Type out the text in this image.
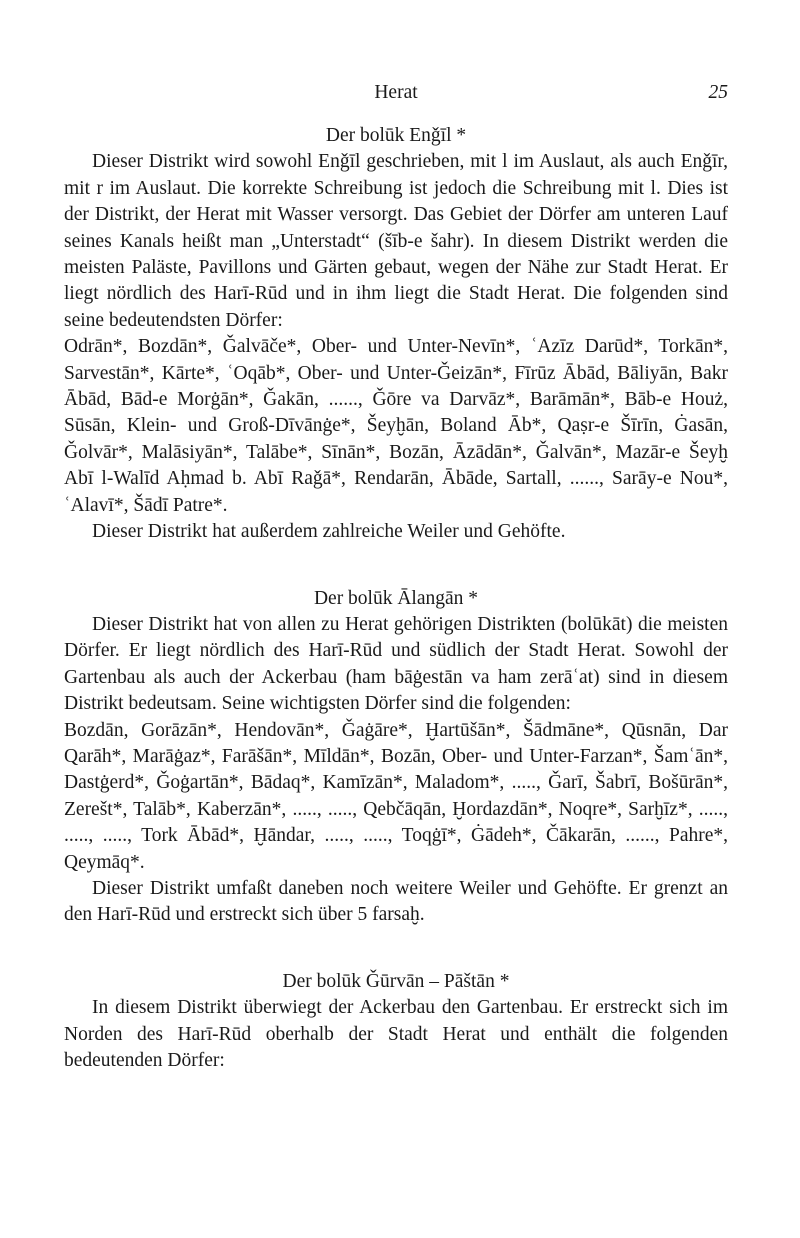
Herat	25

Der bolūk Enǧīl *

Dieser Distrikt wird sowohl Enǧīl geschrieben, mit l im Auslaut, als auch Enǧīr, mit r im Auslaut. Die korrekte Schreibung ist jedoch die Schreibung mit l. Dies ist der Distrikt, der Herat mit Wasser versorgt. Das Gebiet der Dörfer am unteren Lauf seines Kanals heißt man „Unterstadt“ (šīb-e šahr). In diesem Distrikt werden die meisten Paläste, Pavillons und Gärten gebaut, wegen der Nähe zur Stadt Herat. Er liegt nördlich des Harī-Rūd und in ihm liegt die Stadt Herat. Die folgenden sind seine bedeutendsten Dörfer:

Odrān*, Bozdān*, Ǧalvāče*, Ober- und Unter-Nevīn*, ʿAzīz Darūd*, Torkān*, Sarvestān*, Kārte*, ʿOqāb*, Ober- und Unter-Ǧeizān*, Fīrūz Ābād, Bāliyān, Bakr Ābād, Bād-e Morġān*, Ǧakān, ......, Ǧōre va Darvāz*, Barāmān*, Bāb-e Houż, Sūsān, Klein- und Groß-Dīvānġe*, Šeyḫān, Boland Āb*, Qaṣr-e Šīrīn, Ġasān, Ǧolvār*, Malāsiyān*, Talābe*, Sīnān*, Bozān, Āzādān*, Ǧalvān*, Mazār-e Šeyḫ Abī l-Walīd Aḥmad b. Abī Raǧā*, Rendarān, Ābāde, Sartall, ......, Sarāy-e Nou*, ʿAlavī*, Šādī Patre*.

Dieser Distrikt hat außerdem zahlreiche Weiler und Gehöfte.

Der bolūk Ālangān *

Dieser Distrikt hat von allen zu Herat gehörigen Distrikten (bolūkāt) die meisten Dörfer. Er liegt nördlich des Harī-Rūd und südlich der Stadt Herat. Sowohl der Gartenbau als auch der Ackerbau (ham bāġestān va ham zerāʿat) sind in diesem Distrikt bedeutsam. Seine wichtigsten Dörfer sind die folgenden:

Bozdān, Gorāzān*, Hendovān*, Ǧaġāre*, Ḫartūšān*, Šādmāne*, Qūsnān, Dar Qarāh*, Marāġaz*, Farāšān*, Mīldān*, Bozān, Ober- und Unter-Farzan*, Šamʿān*, Dastġerd*, Ǧoġartān*, Bādaq*, Kamīzān*, Maladom*, ....., Ǧarī, Šabrī, Bošūrān*, Zerešt*, Talāb*, Kaberzān*, ....., ....., Qebčāqān, Ḫordazdān*, Noqre*, Sarḫīz*, ....., ....., ....., Tork Ābād*, Ḫāndar, ....., ....., Toqġī*, Ġādeh*, Čākarān, ......, Pahre*, Qeymāq*.

Dieser Distrikt umfaßt daneben noch weitere Weiler und Gehöfte. Er grenzt an den Harī-Rūd und erstreckt sich über 5 farsaḫ.

Der bolūk Ǧūrvān – Pāštān *

In diesem Distrikt überwiegt der Ackerbau den Gartenbau. Er erstreckt sich im Norden des Harī-Rūd oberhalb der Stadt Herat und enthält die folgenden bedeutenden Dörfer:
